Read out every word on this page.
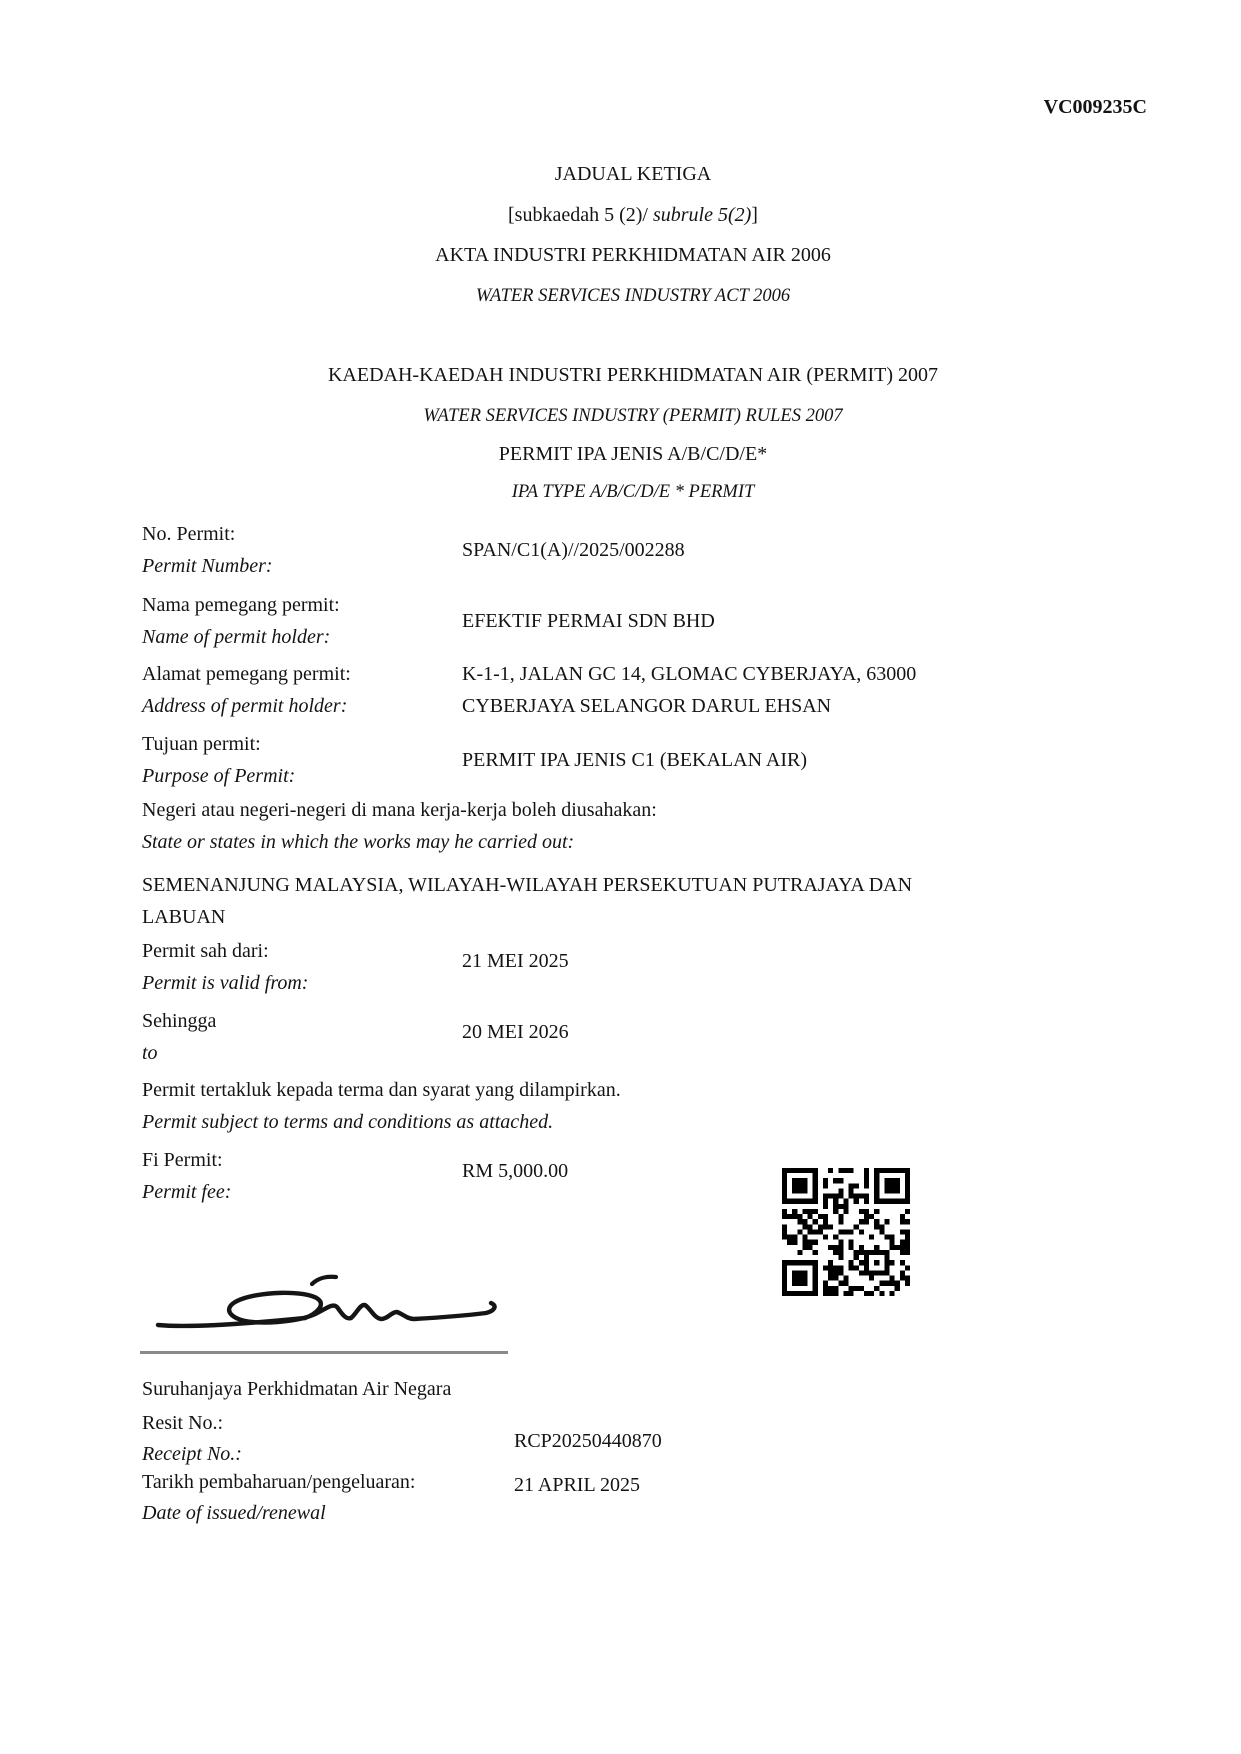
VC009235C
JADUAL KETIGA
[subkaedah 5 (2)/ subrule 5(2)]
AKTA INDUSTRI PERKHIDMATAN AIR 2006
WATER SERVICES INDUSTRY ACT 2006
KAEDAH-KAEDAH INDUSTRI PERKHIDMATAN AIR (PERMIT) 2007
WATER SERVICES INDUSTRY (PERMIT) RULES 2007
PERMIT IPA JENIS A/B/C/D/E*
IPA TYPE A/B/C/D/E * PERMIT
No. Permit:
Permit Number:
SPAN/C1(A)//2025/002288
Nama pemegang permit:
Name of permit holder:
EFEKTIF PERMAI SDN BHD
Alamat pemegang permit:
Address of permit holder:
K-1-1, JALAN GC 14, GLOMAC CYBERJAYA, 63000
CYBERJAYA SELANGOR DARUL EHSAN
Tujuan permit:
Purpose of Permit:
PERMIT IPA JENIS C1 (BEKALAN AIR)
Negeri atau negeri-negeri di mana kerja-kerja boleh diusahakan:
State or states in which the works may he carried out:
SEMENANJUNG MALAYSIA, WILAYAH-WILAYAH PERSEKUTUAN PUTRAJAYA DAN LABUAN
Permit sah dari:
Permit is valid from:
21 MEI 2025
Sehingga
to
20 MEI 2026
Permit tertakluk kepada terma dan syarat yang dilampirkan.
Permit subject to terms and conditions as attached.
Fi Permit:
Permit fee:
RM 5,000.00
Suruhanjaya Perkhidmatan Air Negara
Resit No.:
Receipt No.:
RCP20250440870
Tarikh pembaharuan/pengeluaran:
Date of issued/renewal
21 APRIL 2025
